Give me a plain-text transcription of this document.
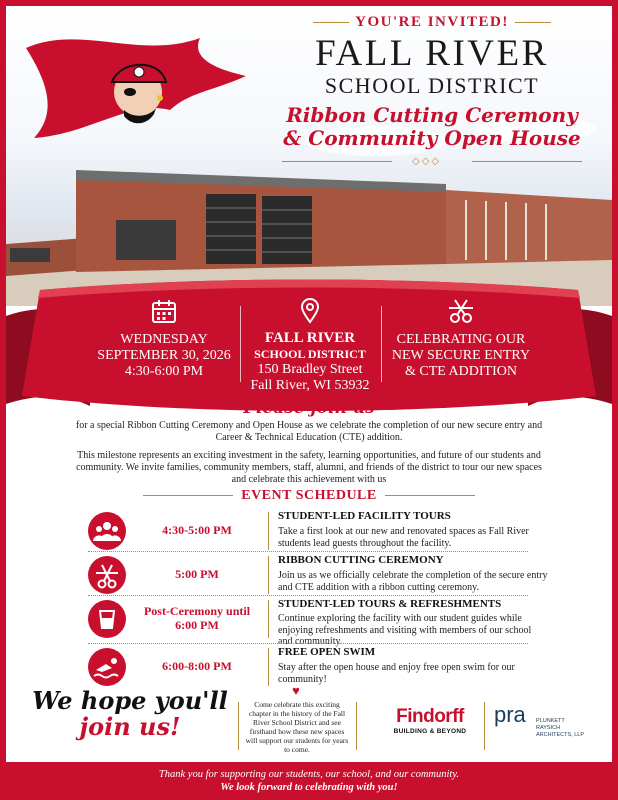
YOU'RE INVITED!
FALL RIVER
SCHOOL DISTRICT
Ribbon Cutting Ceremony
& Community Open House
◇◇◇
WEDNESDAY
SEPTEMBER 30, 2026
4:30-6:00 PM
FALL RIVER
SCHOOL DISTRICT
150 Bradley Street
Fall River, WI 53932
CELEBRATING OUR
NEW SECURE ENTRY
& CTE ADDITION
Please join us

for a special Ribbon Cutting Ceremony and Open House as we celebrate the completion of our new secure entry and Career & Technical Education (CTE) addition.

This milestone represents an exciting investment in the safety, learning opportunities, and future of our students and community. We invite families, community members, staff, alumni, and friends of the district to tour our new spaces and celebrate this achievement with us

EVENT SCHEDULE
4:30-5:00 PM
STUDENT-LED FACILITY TOURS
Take a first look at our new and renovated spaces as Fall River students lead guests throughout the facility.
5:00 PM
RIBBON CUTTING CEREMONY
Join us as we officially celebrate the completion of the secure entry and CTE addition with a ribbon cutting ceremony.
Post-Ceremony until 6:00 PM
STUDENT-LED TOURS & REFRESHMENTS
Continue exploring the facility with our student guides while enjoying refreshments and visiting with members of our school and community.
6:00-8:00 PM
FREE OPEN SWIM
Stay after the open house and enjoy free open swim for our community!
We hope you'll
join us!
♥
Come celebrate this exciting chapter in the history of the Fall River School District and see firsthand how these new spaces will support our students for years to come.
Findorff
BUILDING & BEYOND
pra	PLUNKETT RAYSICH ARCHITECTS, LLP
Thank you for supporting our students, our school, and our community.
We look forward to celebrating with you!
